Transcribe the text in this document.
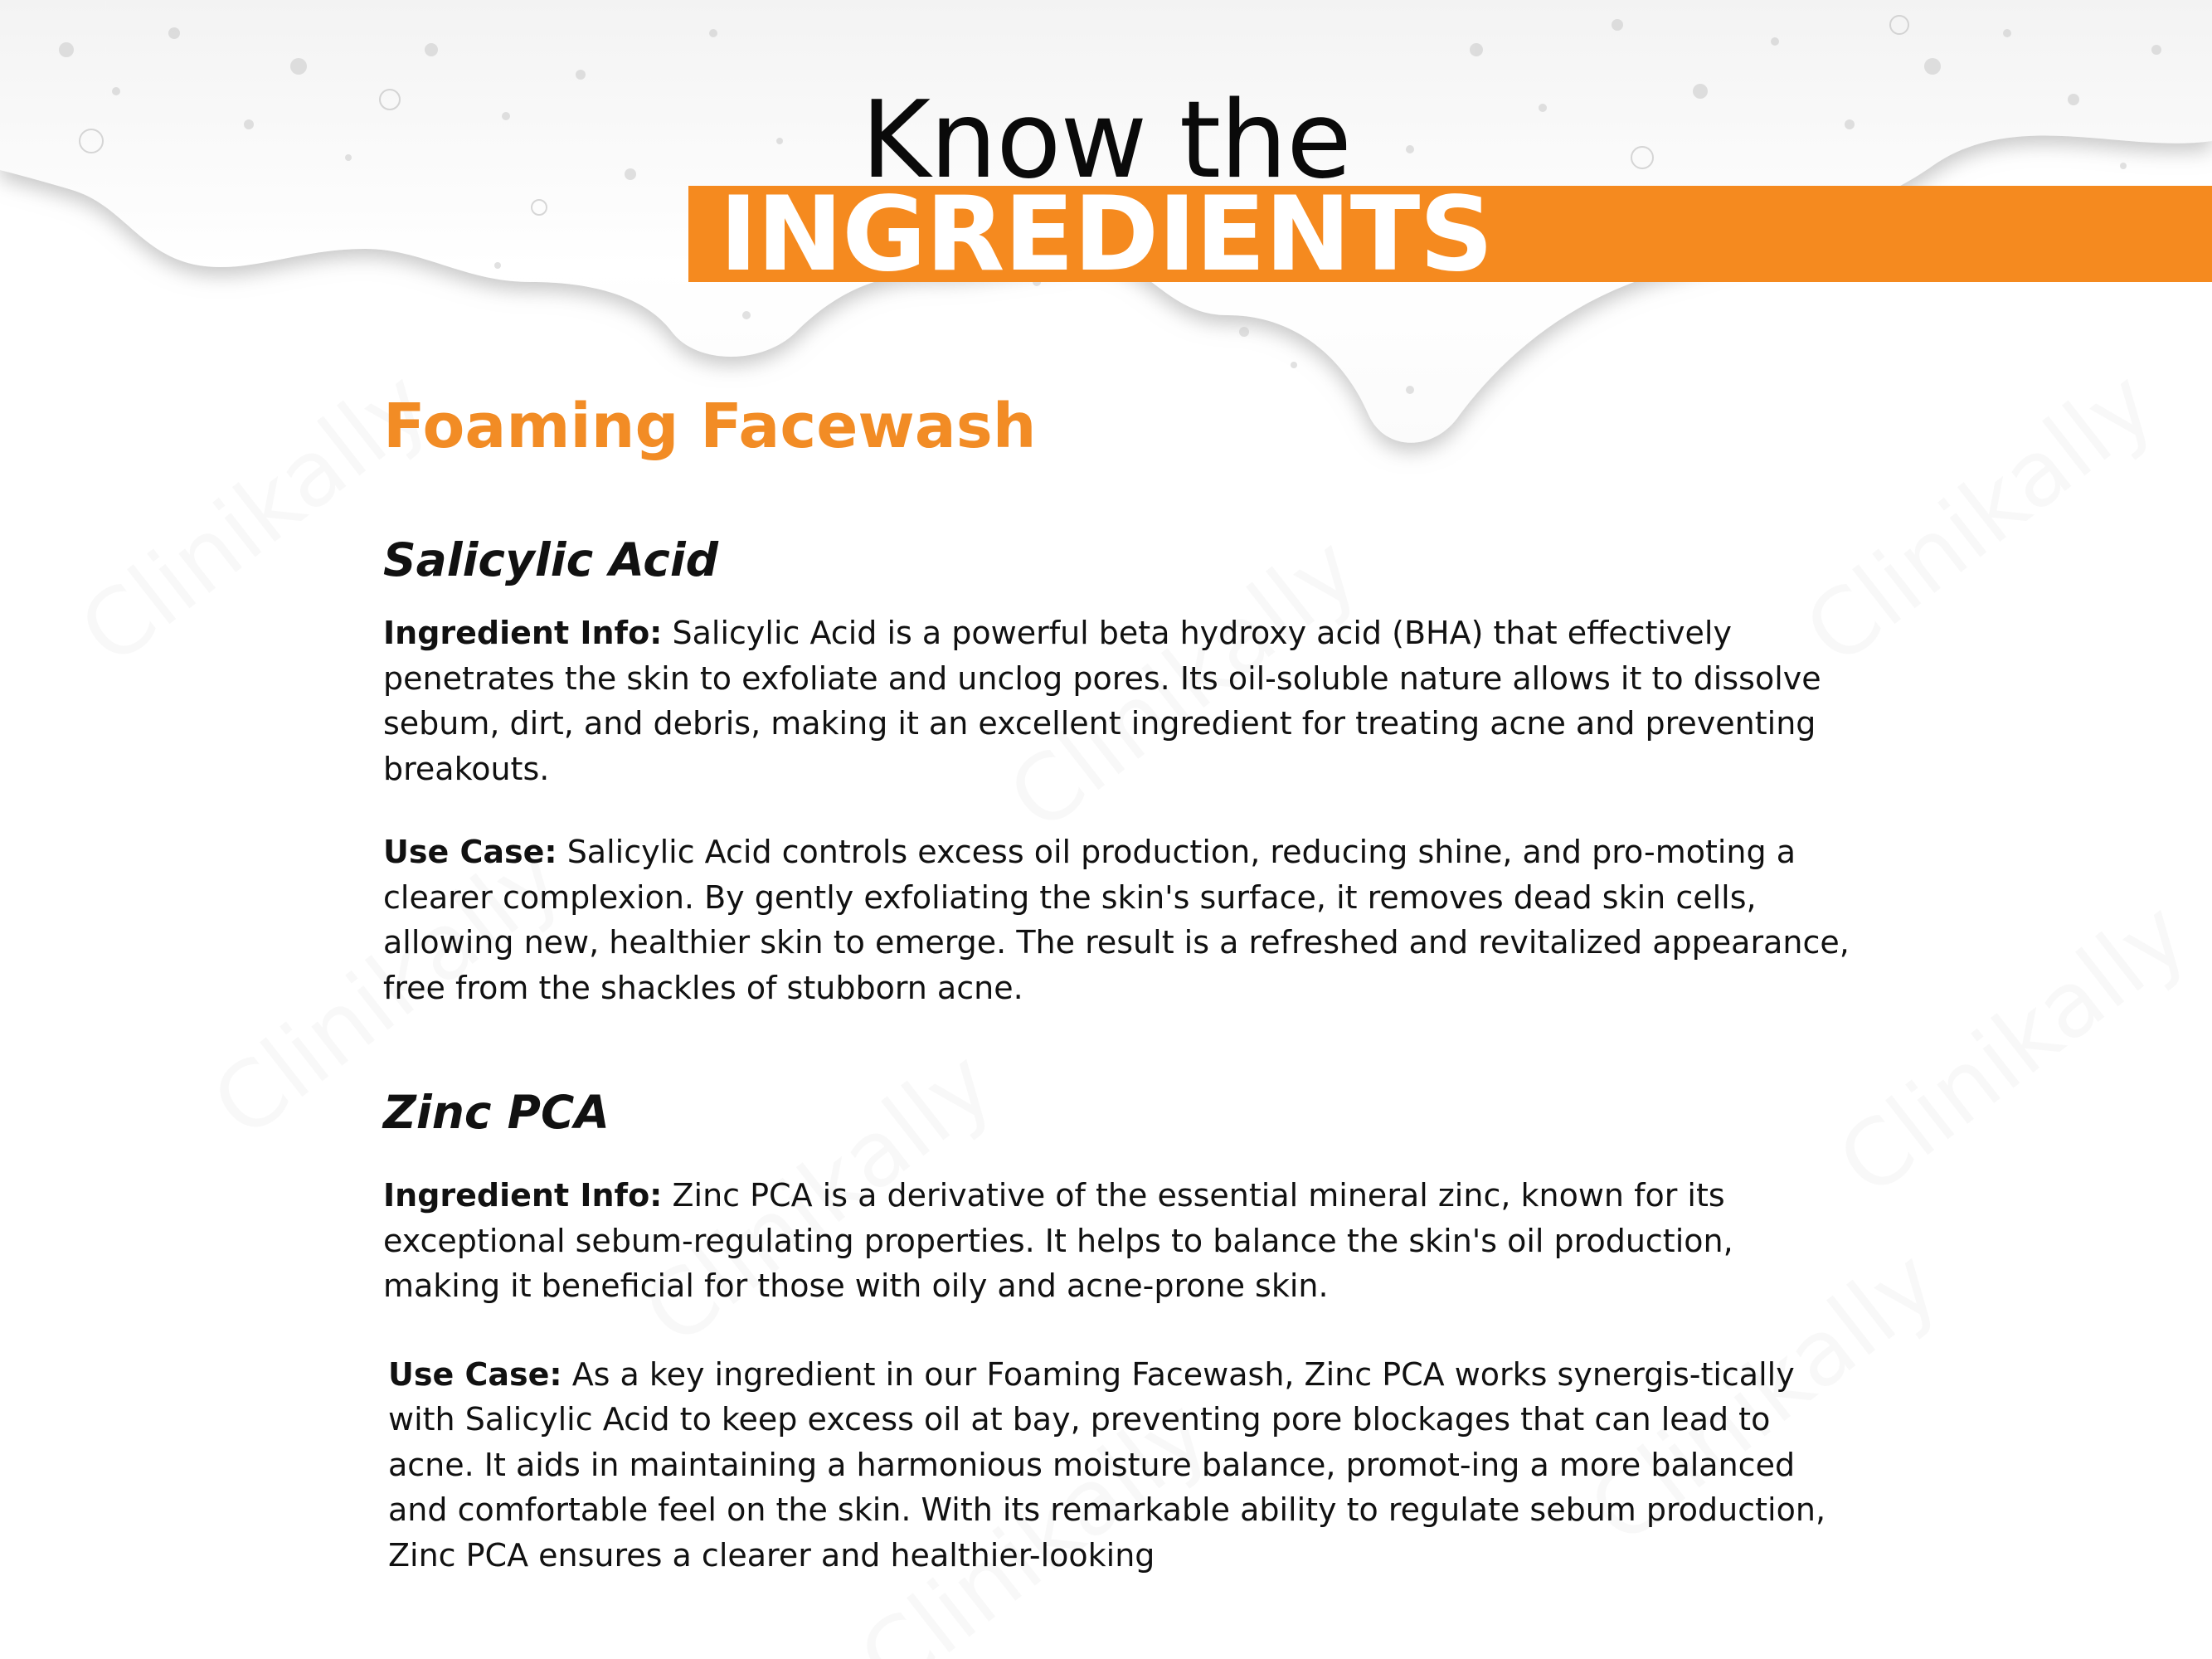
Know the
INGREDIENTS
Foaming Facewash
Salicylic Acid

Ingredient Info: Salicylic Acid is a powerful beta hydroxy acid (BHA) that effectively penetrates the skin to exfoliate and unclog pores. Its oil-soluble nature allows it to dissolve sebum, dirt, and debris, making it an excellent ingredient for treating acne and preventing breakouts.

Use Case: Salicylic Acid controls excess oil production, reducing shine, and pro-moting a clearer complexion. By gently exfoliating the skin's surface, it removes dead skin cells, allowing new, healthier skin to emerge. The result is a refreshed and revitalized appearance, free from the shackles of stubborn acne.

Zinc PCA

Ingredient Info: Zinc PCA is a derivative of the essential mineral zinc, known for its exceptional sebum-regulating properties. It helps to balance the skin's oil production, making it beneficial for those with oily and acne-prone skin.

Use Case: As a key ingredient in our Foaming Facewash, Zinc PCA works synergis-tically with Salicylic Acid to keep excess oil at bay, preventing pore blockages that can lead to acne. It aids in maintaining a harmonious moisture balance, promot-ing a more balanced and comfortable feel on the skin. With its remarkable ability to regulate sebum production, Zinc PCA ensures a clearer and healthier-looking
